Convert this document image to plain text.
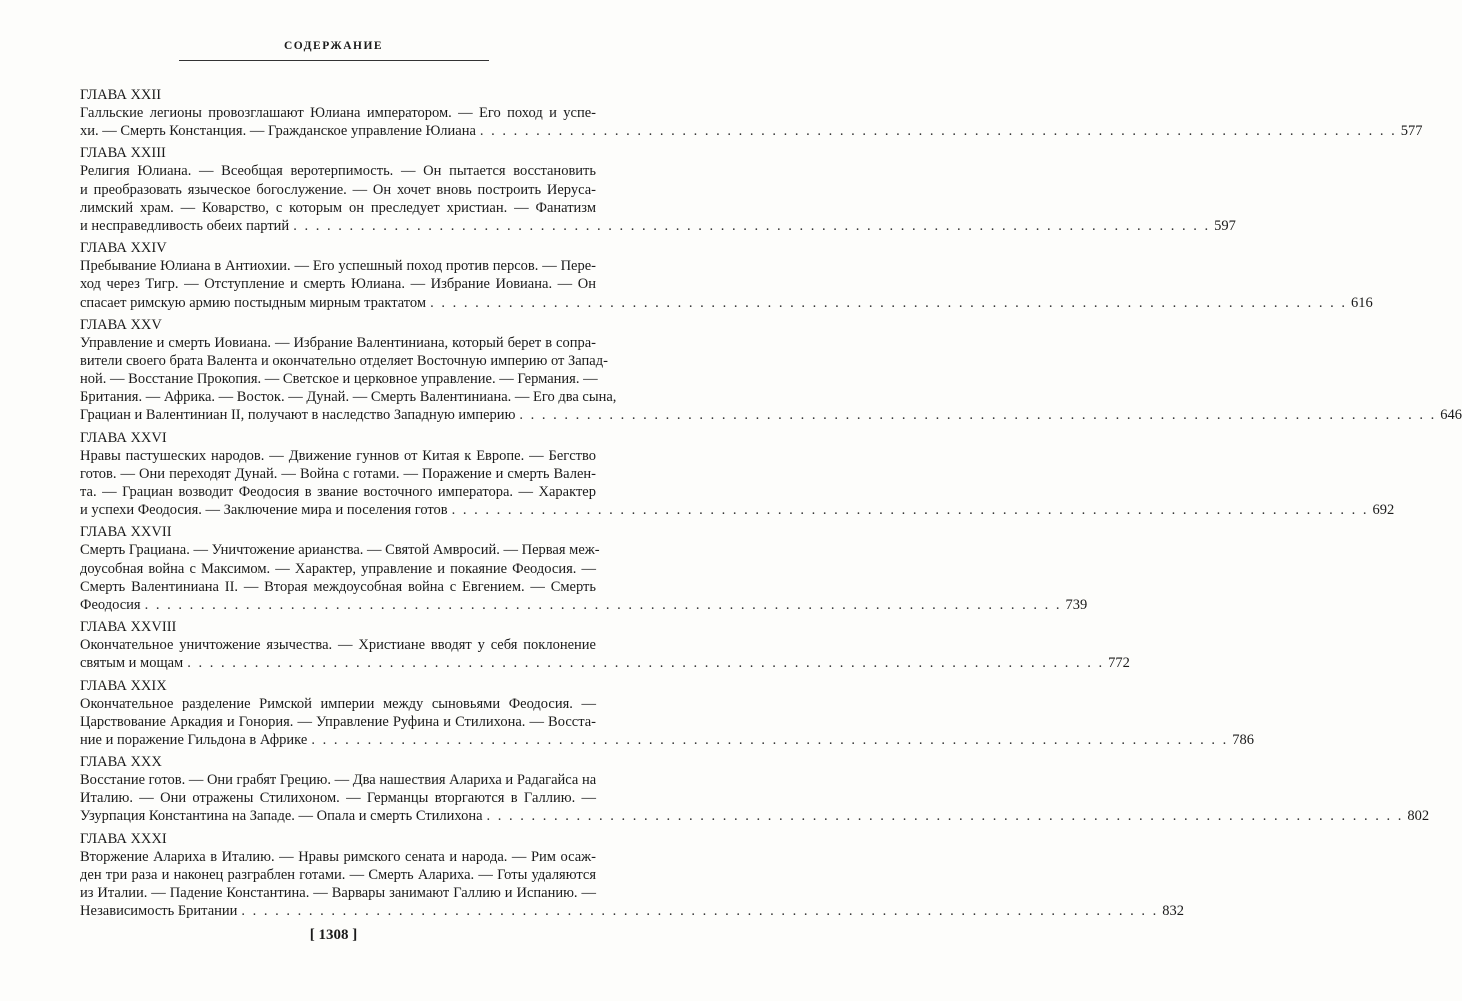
СОДЕРЖАНИЕ
ГЛАВА XXII
Галльские легионы провозглашают Юлиана императором. — Его поход и успе-
хи. — Смерть Констанция. — Гражданское управление Юлиана . . . . . . . . . . . . . . . . . . . . . . . . . . . . . . . . . . . . . . . . . . . . . . . . . . . . . . . . . . . . . . . . . . . . . . . . . . . . . . . . . . 577
ГЛАВА XXIII
Религия Юлиана. — Всеобщая веротерпимость. — Он пытается восстановить
и преобразовать языческое богослужение. — Он хочет вновь построить Иеруса-
лимский храм. — Коварство, с которым он преследует христиан. — Фанатизм
и несправедливость обеих партий . . . . . . . . . . . . . . . . . . . . . . . . . . . . . . . . . . . . . . . . . . . . . . . . . . . . . . . . . . . . . . . . . . . . . . . . . . . . . . . . . . 597
ГЛАВА XXIV
Пребывание Юлиана в Антиохии. — Его успешный поход против персов. — Пере-
ход через Тигр. — Отступление и смерть Юлиана. — Избрание Иовиана. — Он
спасает римскую армию постыдным мирным трактатом . . . . . . . . . . . . . . . . . . . . . . . . . . . . . . . . . . . . . . . . . . . . . . . . . . . . . . . . . . . . . . . . . . . . . . . . . . . . . . . . . . 616
ГЛАВА XXV
Управление и смерть Иовиана. — Избрание Валентиниана, который берет в сопра-
вители своего брата Валента и окончательно отделяет Восточную империю от Запад-
ной. — Восстание Прокопия. — Светское и церковное управление. — Германия. —
Британия. — Африка. — Восток. — Дунай. — Смерть Валентиниана. — Его два сына,
Грациан и Валентиниан II, получают в наследство Западную империю . . . . . . . . . . . . . . . . . . . . . . . . . . . . . . . . . . . . . . . . . . . . . . . . . . . . . . . . . . . . . . . . . . . . . . . . . . . . . . . . . . 646
ГЛАВА XXVI
Нравы пастушеских народов. — Движение гуннов от Китая к Европе. — Бегство
готов. — Они переходят Дунай. — Война с готами. — Поражение и смерть Вален-
та. — Грациан возводит Феодосия в звание восточного императора. — Характер
и успехи Феодосия. — Заключение мира и поселения готов . . . . . . . . . . . . . . . . . . . . . . . . . . . . . . . . . . . . . . . . . . . . . . . . . . . . . . . . . . . . . . . . . . . . . . . . . . . . . . . . . . 692
ГЛАВА XXVII
Смерть Грациана. — Уничтожение арианства. — Святой Амвросий. — Первая меж-
доусобная война с Максимом. — Характер, управление и покаяние Феодосия. —
Смерть Валентиниана II. — Вторая междоусобная война с Евгением. — Смерть
Феодосия . . . . . . . . . . . . . . . . . . . . . . . . . . . . . . . . . . . . . . . . . . . . . . . . . . . . . . . . . . . . . . . . . . . . . . . . . . . . . . . . . . 739
ГЛАВА XXVIII
Окончательное уничтожение язычества. — Христиане вводят у себя поклонение
святым и мощам . . . . . . . . . . . . . . . . . . . . . . . . . . . . . . . . . . . . . . . . . . . . . . . . . . . . . . . . . . . . . . . . . . . . . . . . . . . . . . . . . . 772
ГЛАВА XXIX
Окончательное разделение Римской империи между сыновьями Феодосия. —
Царствование Аркадия и Гонория. — Управление Руфина и Стилихона. — Восста-
ние и поражение Гильдона в Африке . . . . . . . . . . . . . . . . . . . . . . . . . . . . . . . . . . . . . . . . . . . . . . . . . . . . . . . . . . . . . . . . . . . . . . . . . . . . . . . . . . 786
ГЛАВА XXX
Восстание готов. — Они грабят Грецию. — Два нашествия Алариха и Радагайса на
Италию. — Они отражены Стилихоном. — Германцы вторгаются в Галлию. —
Узурпация Константина на Западе. — Опала и смерть Стилихона . . . . . . . . . . . . . . . . . . . . . . . . . . . . . . . . . . . . . . . . . . . . . . . . . . . . . . . . . . . . . . . . . . . . . . . . . . . . . . . . . . 802
ГЛАВА XXXI
Вторжение Алариха в Италию. — Нравы римского сената и народа. — Рим осаж-
ден три раза и наконец разграблен готами. — Смерть Алариха. — Готы удаляются
из Италии. — Падение Константина. — Варвары занимают Галлию и Испанию. —
Независимость Британии . . . . . . . . . . . . . . . . . . . . . . . . . . . . . . . . . . . . . . . . . . . . . . . . . . . . . . . . . . . . . . . . . . . . . . . . . . . . . . . . . . 832
[ 1308 ]
